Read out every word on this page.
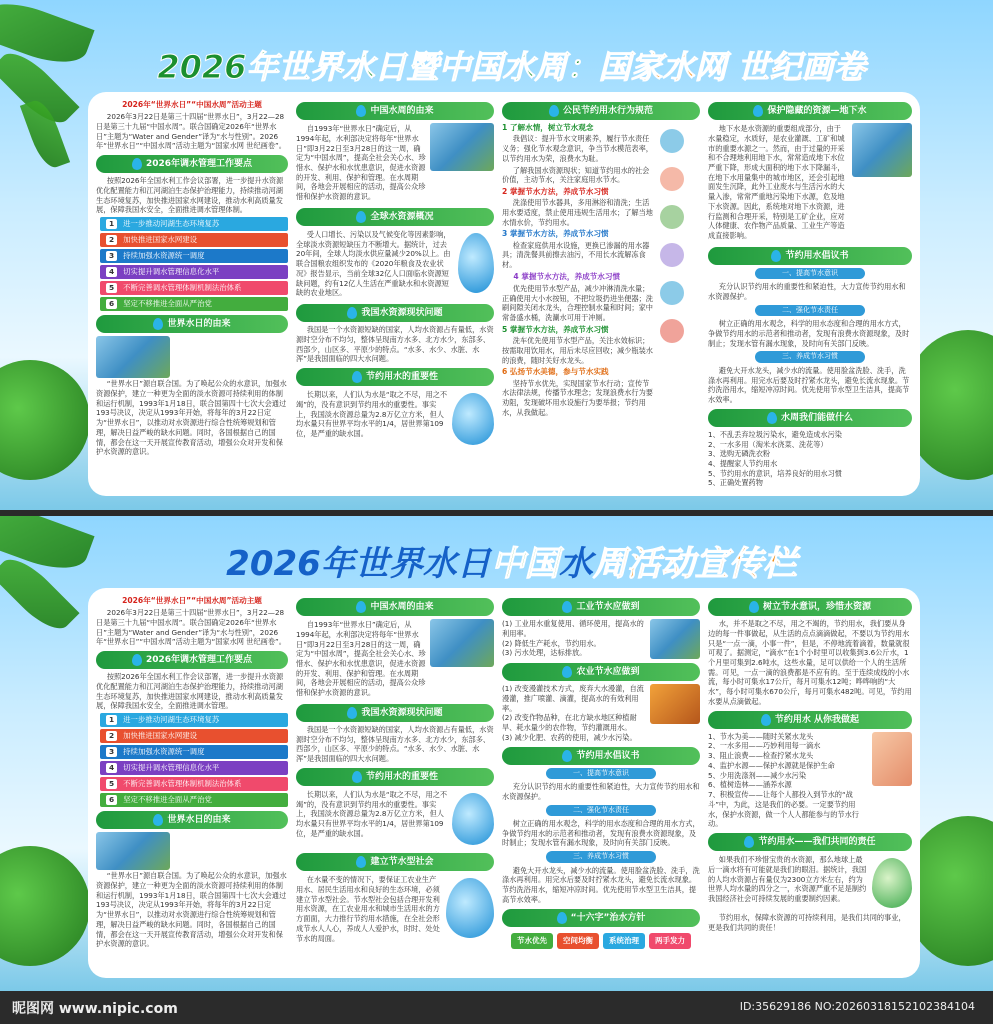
2026年世界水日暨中国水周：国家水网 世纪画卷
2026年“世界水日”“中国水周”活动主题
2026年3月22日是第三十四届“世界水日”，3月22—28日是第三十九届“中国水周”。联合国确定2026年“世界水日”主题为“Water and Gender”译为“水与性别”。2026年“世界水日”“中国水周”活动主题为“国家水网 世纪画卷”。
2026年调水管理工作要点
按照2026年全国水利工作会议部署，进一步提升水资源优化配置能力和江河湖泊生态保护治理能力，持续推动河湖生态环境复苏，加快推进国家水网建设，推动水利高质量发展，保障我国水安全，全面推进调水管理体制。
1	进一步推动河湖生态环境复苏
2	加快推进国家水网建设
3	持续加强水资源统一调度
4	切实提升调水管理信息化水平
5	不断完善调水管理体制机制法治体系
6	坚定不移推进全面从严治党
世界水日的由来
“世界水日”源自联合国。为了唤起公众的水意识，加强水资源保护，建立一种更为全面的淡水资源可持续利用的体制和运行机制，1993年1月18日，联合国第四十七次大会通过193号决议，决定从1993年开始，将每年的3月22日定为“世界水日”，以推动对水资源进行综合性统筹规划和管理，解决日益严峻的缺水问题。同时，各国根据自己的国情，都会在这一天开展宣传教育活动，增强公众对开发和保护水资源的意识。
中国水周的由来
自1993年“世界水日”确定后，从1994年起，水利部决定将每年“世界水日”即3月22日至3月28日的这一周，确定为“中国水周”，提高全社会关心水、珍惜水、保护水和水忧患意识，促进水资源的开发、利用、保护和管理。在水周期间，各地会开展相应的活动，提高公众珍惜和保护水资源的意识。
全球水资源概况
受人口增长、污染以及气候变化等因素影响，全球淡水资源短缺压力不断增大。据统计，过去20年间，全球人均淡水供应量减少20%以上。由联合国粮农组织发布的《2020年粮食及农业状况》报告显示，当前全球32亿人口面临水资源短缺问题，约有12亿人生活在严重缺水和水资源短缺的农业地区。
我国水资源现状问题
我国是一个水资源短缺的国家，人均水资源占有量低，水资源时空分布不均匀，整体呈现南方水多、北方水少，东部多、西部少，山区多、平原少的特点。“水多、水少、水脏、水浑”是我国面临的四大水问题。
节约用水的重要性
长期以来，人们认为水是“取之不尽，用之不竭”的，没有意识到节约用水的重要性。事实上，我国淡水资源总量为2.8万亿立方米，但人均水量只有世界平均水平的1/4，居世界第109位，是严重的缺水国。
公民节约用水行为规范
1 了解水情，树立节水观念
我倡议：提升节水文明素养，履行节水责任义务；强化节水观念意识，争当节水模范表率，以节约用水为荣，浪费水为耻。
了解我国水资源现状；知道节约用水的社会价值，主动节水，关注家庭用水节水。
2 掌握节水方法，养成节水习惯
洗涤使用节水器具，多用淋浴和清洗；生活用水要适度，禁止使用违规生活用水；了解当地水情水价，节约用水。
3 掌握节水方法，养成节水习惯
检查家庭供用水设施，更换已渗漏的用水器具；清洗餐具前擦去油污，不用长水流解冻食材。
4 掌握节水方法，养成节水习惯
优先使用节水型产品，减少冲淋清洗水量；正确使用大小水按钮，不把垃圾扔进坐便器；洗刷间隙关闭水龙头，合理控制水量和时间；家中常备盛水桶，洗涮水可用于冲厕。
5 掌握节水方法，养成节水习惯
洗车优先使用节水型产品，关注水效标识；按需取用饮用水，用后未尽应回收；减少瓶装水的浪费，随时关好水龙头。
6 弘扬节水美德，参与节水实践
坚持节水优先，实现国家节水行动；宣传节水法律法规，传播节水理念；发现浪费水行为要劝阻，发现破坏用水设施行为要举报；节约用水，从我做起。
保护隐藏的资源—地下水
地下水是水资源的重要组成部分，由于水量稳定，水质好，是农业灌溉、工矿和城市的重要水源之一。然而，由于过量的开采和不合理地利用地下水，常常造成地下水位严重下降，形成大面积的地下水下降漏斗，在地下水用量集中的城市地区，还会引起地面发生沉降，此外工业废水与生活污水的大量入渗，常常严重地污染地下水源，危及地下水资源。因此，系统地对地下水资源，进行监测和合理开采，特别是工矿企业，应对人体健康、农作物产品质量、工业生产等造成直接影响。
节约用水倡议书
一、提高节水意识
充分认识节约用水的重要性和紧迫性，大力宣传节约用水和水资源保护。
二、强化节水责任
树立正确的用水观念，科学的用水态度和合理的用水方式，争做节约用水的示范者和推动者，发现有浪费水资源现象，及时制止；发现水管有漏水现象，及时向有关部门反映。
三、养成节水习惯
避免大开水龙头，减少水的流量。使用脸盆洗脸、洗手，洗涤水再利用。用完水后要及时拧紧水龙头，避免长流水现象。节约洗浴用水，缩短冲凉时间。优先使用节水型卫生洁具，提高节水效率。
水周我们能做什么
1、不乱丢弃垃圾污染水，避免造成水污染
2、一水多用（淘米水浇菜、洗花等）
3、选购无磷洗衣粉
4、提醒家人节约用水
5、节约用水的意识，培养良好的用水习惯
5、正确处置药物
2026年世界水日中国水周活动宣传栏
2026年“世界水日”“中国水周”活动主题
2026年3月22日是第三十四届“世界水日”，3月22—28日是第三十九届“中国水周”。联合国确定2026年“世界水日”主题为“Water and Gender”译为“水与性别”，2026年“世界水日”“中国水周”活动主题为“国家水网 世纪画卷”。
2026年调水管理工作要点
按照2026年全国水利工作会议部署，进一步提升水资源优化配置能力和江河湖泊生态保护治理能力，持续推动河湖生态环境复苏，加快推进国家水网建设，推动水利高质量发展，保障我国水安全，全面推进调水管理。
1	进一步推动河湖生态环境复苏
2	加快推进国家水网建设
3	持续加强水资源统一调度
4	切实提升调水管理信息化水平
5	不断完善调水管理体制机制法治体系
6	坚定不移推进全面从严治党
世界水日的由来
“世界水日”源自联合国。为了唤起公众的水意识，加强水资源保护，建立一种更为全面的淡水资源可持续利用的体制和运行机制，1993年1月18日，联合国第四十七次大会通过193号决议，决定从1993年开始，将每年的3月22日定为“世界水日”，以推动对水资源进行综合性统筹规划和管理，解决日益严峻的缺水问题。同时，各国根据自己的国情，都会在这一天开展宣传教育活动，增强公众对开发和保护水资源的意识。
中国水周的由来
自1993年“世界水日”确定后，从1994年起，水利部决定将每年“世界水日”即3月22日至3月28日的这一周，确定为“中国水周”，提高全社会关心水、珍惜水、保护水和水忧患意识，促进水资源的开发、利用、保护和管理。在水周期间，各地会开展相应的活动，提高公众珍惜和保护水资源的意识。
我国水资源现状问题
我国是一个水资源短缺的国家，人均水资源占有量低，水资源时空分布不均匀，整体呈现南方水多、北方水少，东部多、西部少，山区多、平原少的特点。“水多、水少、水脏、水浑”是我国面临的四大水问题。
节约用水的重要性
长期以来，人们认为水是“取之不尽，用之不竭”的，没有意识到节约用水的重要性。事实上，我国淡水资源总量为2.8万亿立方米，但人均水量只有世界平均水平的1/4，居世界第109位，是严重的缺水国。
建立节水型社会
在水量不变的情况下，要保证工农业生产用水、居民生活用水和良好的生态环境，必须建立节水型社会。节水型社会包括合理开发利用水资源，在工农业用水和城市生活用水的方方面面，大力推行节约用水措施，在全社会形成节水人人心，养成人人爱护水，时时、处处节水的局面。
工业节水应做到
(1) 工业用水重复使用、循环使用，提高水的利用率。
(2) 降低生产耗水，节约用水。
(3) 污水处理，达标排放。
农业节水应做到
(1) 改变漫灌技术方式，废弃大水漫灌，自流漫灌，推广喷灌、滴灌，提高水的有效利用率。
(2) 改变作物品种，在北方缺水地区种植耐旱、耗水量少的农作物，节约灌溉用水。
(3) 减少化肥、农药的使用，减少水污染。
节约用水倡议书
一、提高节水意识
充分认识节约用水的重要性和紧迫性，大力宣传节约用水和水资源保护。
二、强化节水责任
树立正确的用水观念，科学的用水态度和合理的用水方式，争做节约用水的示范者和推动者，发现有浪费水资源现象，及时制止；发现水管有漏水现象，及时向有关部门反映。
三、养成节水习惯
避免大开水龙头，减少水的流量。使用脸盆洗脸、洗手，洗涤水再利用。用完水后要及时拧紧水龙头，避免长流水现象。节约洗浴用水，缩短冲凉时间。优先使用节水型卫生洁具，提高节水效率。
“十六字”治水方针
节水优先	空间均衡	系统治理	两手发力
树立节水意识，珍惜水资源
水，并不是取之不尽，用之不竭的，节约用水，我们要从身边的每一件事做起，从生活的点点滴滴做起，不要以为节约用水只是“一点一滴，小事一件”，但是，不停地流着滴着，数量就很可观了。据测定，“滴水”在1个小时里可以收集到3.6公斤水，1个月里可集到2.6吨水，这些水量，足可以供给一个人的生活所需。可见，一点一滴的浪费都是不应有的。至于连续成线的小水流，每小时可集水17公斤，每月可集水12吨；哗哗响的“大水”，每小时可集水670公斤，每月可集水482吨。可见，节约用水要从点滴做起。
节约用水 从你我做起
1、节水为美——随时关紧水龙头
2、一水多用——巧妙利用每一滴水
3、阻止浪费——检查拧紧水龙头
4、监护水源——保护水源就是保护生命
5、少用洗涤剂——减少水污染
6、植树造林——涵养水源
7、积极宣传——让每个人都投入到节水的“战斗”中，为此，这是我们的必要。一定要节约用水，保护水资源，做一个人人都能参与的节水行动。
节约用水——我们共同的责任
如果我们不珍惜宝贵的水资源，那么地球上最后一滴水将有可能就是我们的眼泪。据统计，我国的人均水资源占有量仅为2300立方米左右，约为世界人均水量的四分之一，水资源严重不足是制约我国经济社会可持续发展的重要制约因素。
节约用水，保障水资源的可持续利用，是我们共同的事业，更是我们共同的责任！
昵图网 www.nipic.com	ID:35629186 NO:20260318152102384104
